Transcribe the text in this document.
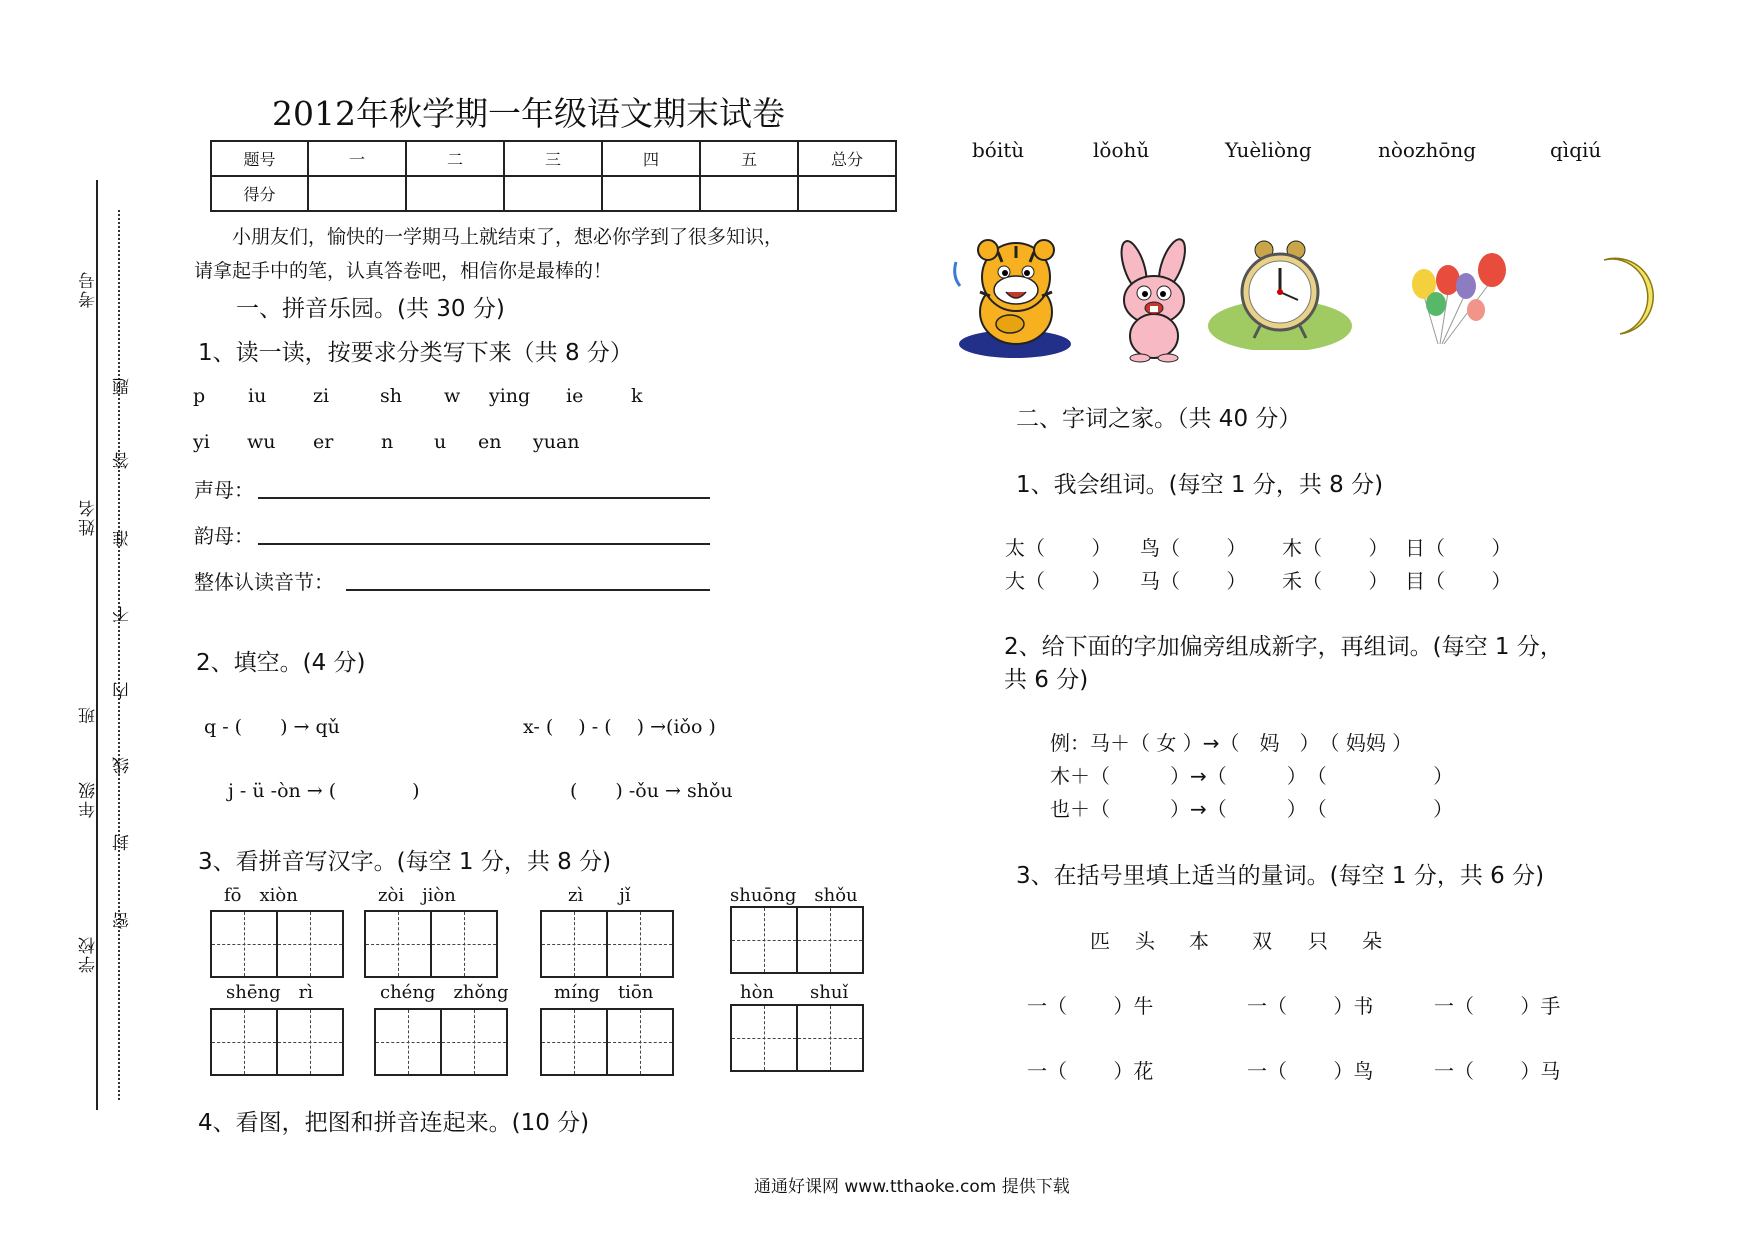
考号
姓名
班
年级
学校
题
答
准
不
内
线
封
密
2012年秋学期一年级语文期末试卷
题号	一	二	三	四	五	总分
得分						
小朋友们，愉快的一学期马上就结束了，想必你学到了很多知识，
请拿起手中的笔，认真答卷吧，相信你是最棒的！
一、拼音乐园。(共 30 分)
1、读一读，按要求分类写下来（共 8 分）
p iu zi	sh w ying ie	k
yi wu er	n u en yuan
声母：
韵母：
整体认读音节：
2、填空。(4 分)
q - (　　) → qǔ	x- (　 ) - (　 ) →(iǒo )
j - ü -òn → (　　　　)	(　　) -ǒu → shǒu
3、看拼音写汉字。(每空 1 分，共 8 分)
fō　xiòn	zòi　jiòn	zì　　jǐ	shuōng　shǒu
shēng　rì	chéng　zhǒng	míng　tiōn	hòn　　shuǐ
4、看图，把图和拼音连起来。(10 分)
bóitù	lǒohǔ	Yuèliòng	nòozhōng	qìqiú
二、字词之家。（共 40 分）
1、我会组词。(每空 1 分，共 8 分)
太（　　 ） 鸟（　　 ） 木（　　 ） 日（　　 ）
大（　　 ） 马（　　 ） 禾（　　 ） 目（　　 ）
2、给下面的字加偏旁组成新字，再组词。(每空 1 分，
共 6 分)
例：马＋（ 女 ）→（　妈　）　（ 妈妈 ）
木＋（　　　）→（　　　）　（　　　　　 ）
也＋（　　　）→（　　　）　（　　　　　 ）
3、在括号里填上适当的量词。(每空 1 分，共 6 分)
匹 头 本 双 只 朵
一（　　 ）牛	一（　　 ）书	一（　　 ）手
一（　　 ）花	一（　　 ）鸟	一（　　 ）马
通通好课网 www.tthaoke.com 提供下载
